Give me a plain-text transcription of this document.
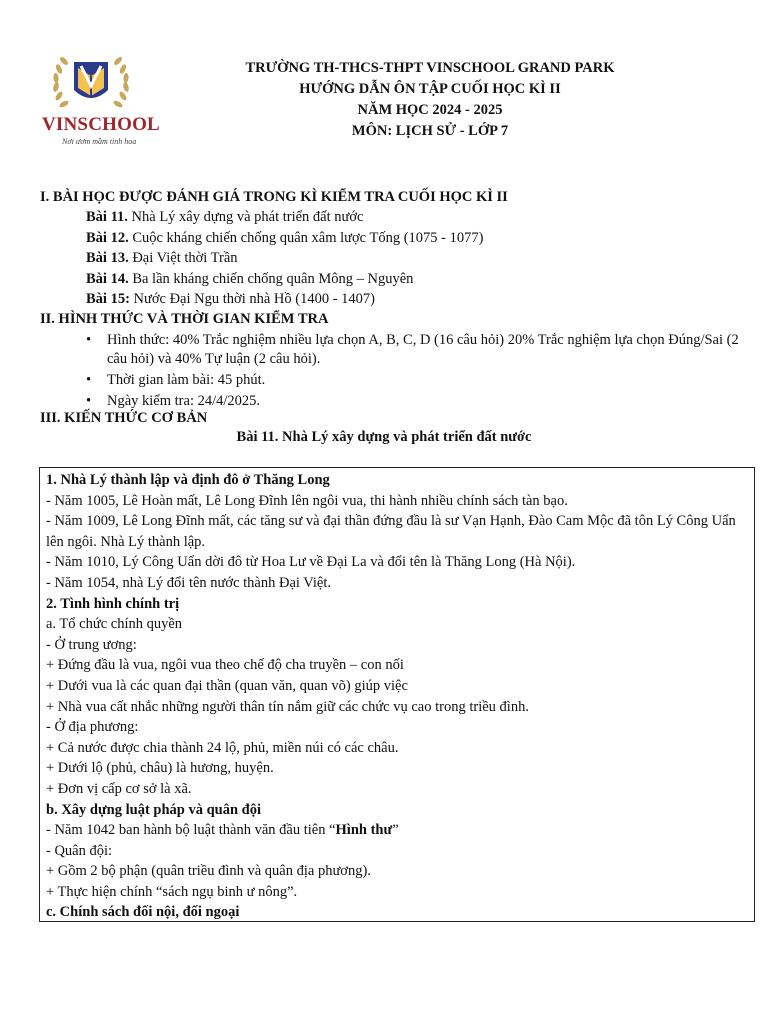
VINSCHOOL
Nơi ươm mầm tinh hoa
TRƯỜNG TH-THCS-THPT VINSCHOOL GRAND PARK
HƯỚNG DẪN ÔN TẬP CUỐI HỌC KÌ II
NĂM HỌC 2024 - 2025
MÔN: LỊCH SỬ - LỚP 7
I. BÀI HỌC ĐƯỢC ĐÁNH GIÁ TRONG KÌ KIỂM TRA CUỐI HỌC KÌ II
Bài 11. Nhà Lý xây dựng và phát triển đất nước
Bài 12. Cuộc kháng chiến chống quân xâm lược Tống (1075 - 1077)
Bài 13. Đại Việt thời Trần
Bài 14. Ba lần kháng chiến chống quân Mông – Nguyên
Bài 15: Nước Đại Ngu thời nhà Hồ (1400 - 1407)
II. HÌNH THỨC VÀ THỜI GIAN KIỂM TRA
• Hình thức: 40% Trắc nghiệm nhiều lựa chọn A, B, C, D (16 câu hỏi) 20% Trắc nghiệm lựa chọn Đúng/Sai (2 câu hỏi) và 40% Tự luận (2 câu hỏi).
• Thời gian làm bài: 45 phút.
• Ngày kiểm tra: 24/4/2025.
III. KIẾN THỨC CƠ BẢN
Bài 11. Nhà Lý xây dựng và phát triển đất nước
1. Nhà Lý thành lập và định đô ở Thăng Long
- Năm 1005, Lê Hoàn mất, Lê Long Đĩnh lên ngôi vua, thi hành nhiều chính sách tàn bạo.
- Năm 1009, Lê Long Đĩnh mất, các tăng sư và đại thần đứng đầu là sư Vạn Hạnh, Đào Cam Mộc đã tôn Lý Công Uẩn lên ngôi. Nhà Lý thành lập.
- Năm 1010, Lý Công Uẩn dời đô từ Hoa Lư về Đại La và đổi tên là Thăng Long (Hà Nội).
- Năm 1054, nhà Lý đổi tên nước thành Đại Việt.
2. Tình hình chính trị
a. Tổ chức chính quyền
- Ở trung ương:
+ Đứng đầu là vua, ngôi vua theo chế độ cha truyền – con nối
+ Dưới vua là các quan đại thần (quan văn, quan võ) giúp việc
+ Nhà vua cất nhắc những người thân tín nắm giữ các chức vụ cao trong triều đình.
- Ở địa phương:
+ Cả nước được chia thành 24 lộ, phủ, miền núi có các châu.
+ Dưới lộ (phủ, châu) là hương, huyện.
+ Đơn vị cấp cơ sở là xã.
b. Xây dựng luật pháp và quân đội
- Năm 1042 ban hành bộ luật thành văn đầu tiên “Hình thư”
- Quân đội:
+ Gồm 2 bộ phận (quân triều đình và quân địa phương).
+ Thực hiện chính “sách ngụ binh ư nông”.
c. Chính sách đối nội, đối ngoại
